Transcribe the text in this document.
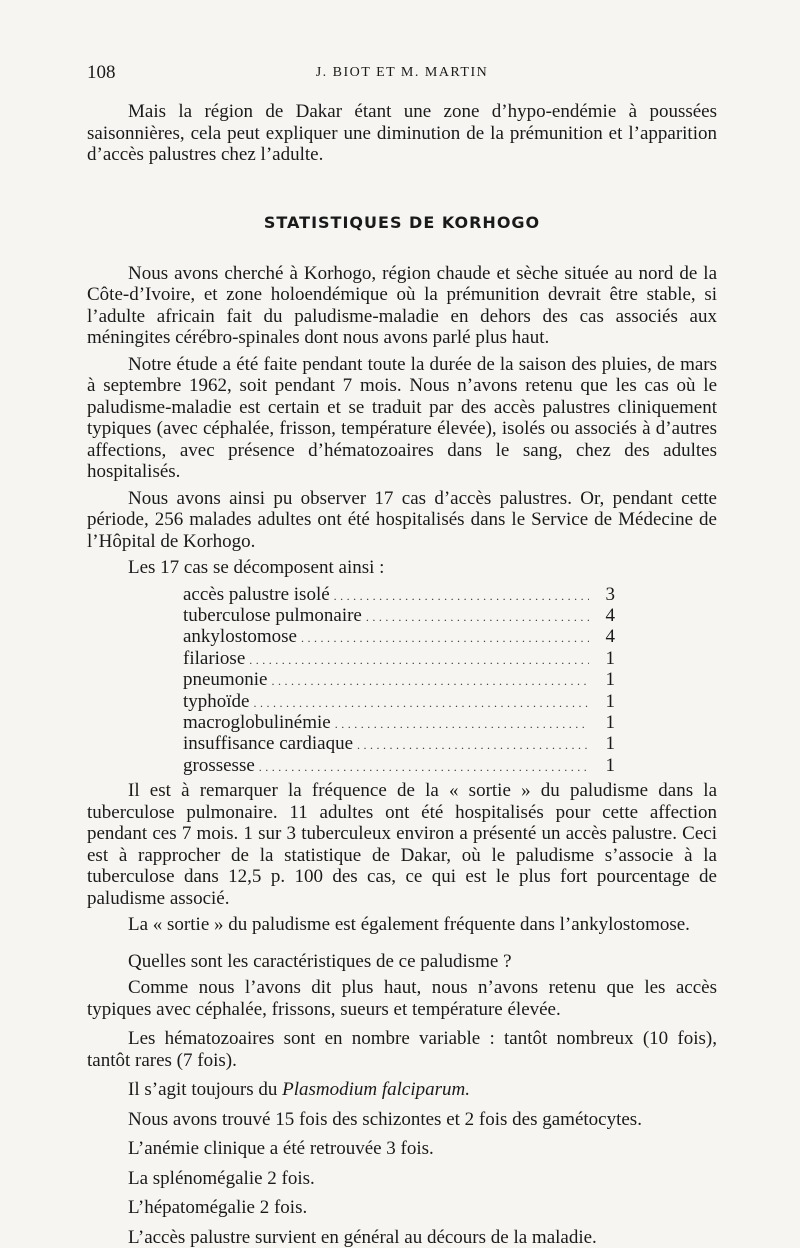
108	J. BIOT ET M. MARTIN

Mais la région de Dakar étant une zone d’hypo-endémie à poussées saisonnières, cela peut expliquer une diminution de la prémunition et l’apparition d’accès palustres chez l’adulte.

STATISTIQUES DE KORHOGO

Nous avons cherché à Korhogo, région chaude et sèche située au nord de la Côte-d’Ivoire, et zone holoendémique où la prémunition devrait être stable, si l’adulte africain fait du paludisme-maladie en dehors des cas associés aux méningites cérébro-spinales dont nous avons parlé plus haut.

Notre étude a été faite pendant toute la durée de la saison des pluies, de mars à septembre 1962, soit pendant 7 mois. Nous n’avons retenu que les cas où le paludisme-maladie est certain et se traduit par des accès palustres cliniquement typiques (avec céphalée, frisson, température élevée), isolés ou associés à d’autres affections, avec présence d’hématozoaires dans le sang, chez des adultes hospitalisés.

Nous avons ainsi pu observer 17 cas d’accès palustres. Or, pendant cette période, 256 malades adultes ont été hospitalisés dans le Service de Médecine de l’Hôpital de Korhogo.

Les 17 cas se décomposent ainsi :

accès palustre isolé .....	3
tuberculose pulmonaire .....	4
ankylostomose .....	4
filariose .....	1
pneumonie .....	1
typhoïde .....	1
macroglobulinémie .....	1
insuffisance cardiaque .....	1
grossesse .....	1

Il est à remarquer la fréquence de la « sortie » du paludisme dans la tuberculose pulmonaire. 11 adultes ont été hospitalisés pour cette affection pendant ces 7 mois. 1 sur 3 tuberculeux environ a présenté un accès palustre. Ceci est à rapprocher de la statistique de Dakar, où le paludisme s’associe à la tuberculose dans 12,5 p. 100 des cas, ce qui est le plus fort pourcentage de paludisme associé.

La « sortie » du paludisme est également fréquente dans l’ankylostomose.

Quelles sont les caractéristiques de ce paludisme ?

Comme nous l’avons dit plus haut, nous n’avons retenu que les accès typiques avec céphalée, frissons, sueurs et température élevée.

Les hématozoaires sont en nombre variable : tantôt nombreux (10 fois), tantôt rares (7 fois).

Il s’agit toujours du Plasmodium falciparum.

Nous avons trouvé 15 fois des schizontes et 2 fois des gamétocytes.

L’anémie clinique a été retrouvée 3 fois.

La splénomégalie 2 fois.

L’hépatomégalie 2 fois.

L’accès palustre survient en général au décours de la maladie.
